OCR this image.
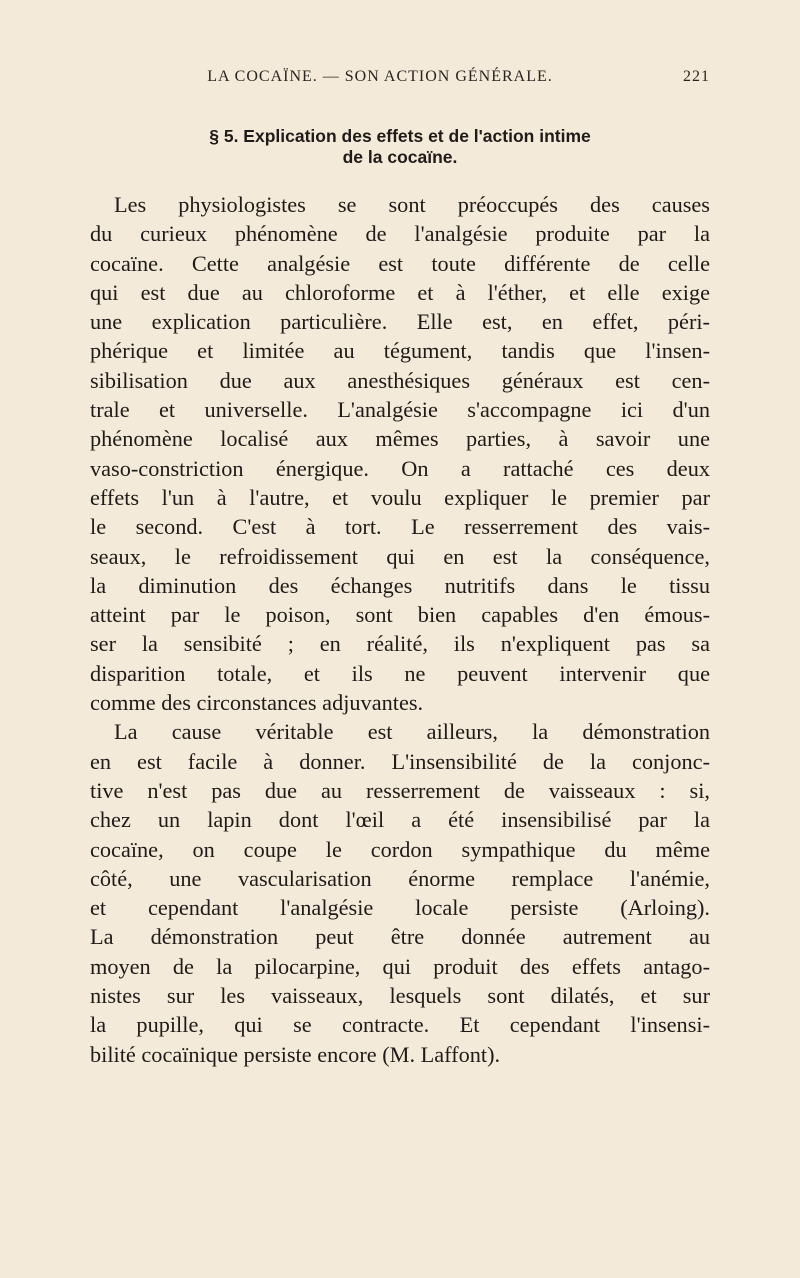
LA COCAÏNE. — SON ACTION GÉNÉRALE.	221
§ 5. Explication des effets et de l'action intime
de la cocaïne.
Les physiologistes se sont préoccupés des causes
du curieux phénomène de l'analgésie produite par la
cocaïne. Cette analgésie est toute différente de celle
qui est due au chloroforme et à l'éther, et elle exige
une explication particulière. Elle est, en effet, péri-
phérique et limitée au tégument, tandis que l'insen-
sibilisation due aux anesthésiques généraux est cen-
trale et universelle. L'analgésie s'accompagne ici d'un
phénomène localisé aux mêmes parties, à savoir une
vaso-constriction énergique. On a rattaché ces deux
effets l'un à l'autre, et voulu expliquer le premier par
le second. C'est à tort. Le resserrement des vais-
seaux, le refroidissement qui en est la conséquence,
la diminution des échanges nutritifs dans le tissu
atteint par le poison, sont bien capables d'en émous-
ser la sensibité ; en réalité, ils n'expliquent pas sa
disparition totale, et ils ne peuvent intervenir que
comme des circonstances adjuvantes.
La cause véritable est ailleurs, la démonstration
en est facile à donner. L'insensibilité de la conjonc-
tive n'est pas due au resserrement de vaisseaux : si,
chez un lapin dont l'œil a été insensibilisé par la
cocaïne, on coupe le cordon sympathique du même
côté, une vascularisation énorme remplace l'anémie,
et cependant l'analgésie locale persiste (Arloing).
La démonstration peut être donnée autrement au
moyen de la pilocarpine, qui produit des effets antago-
nistes sur les vaisseaux, lesquels sont dilatés, et sur
la pupille, qui se contracte. Et cependant l'insensi-
bilité cocaïnique persiste encore (M. Laffont).
